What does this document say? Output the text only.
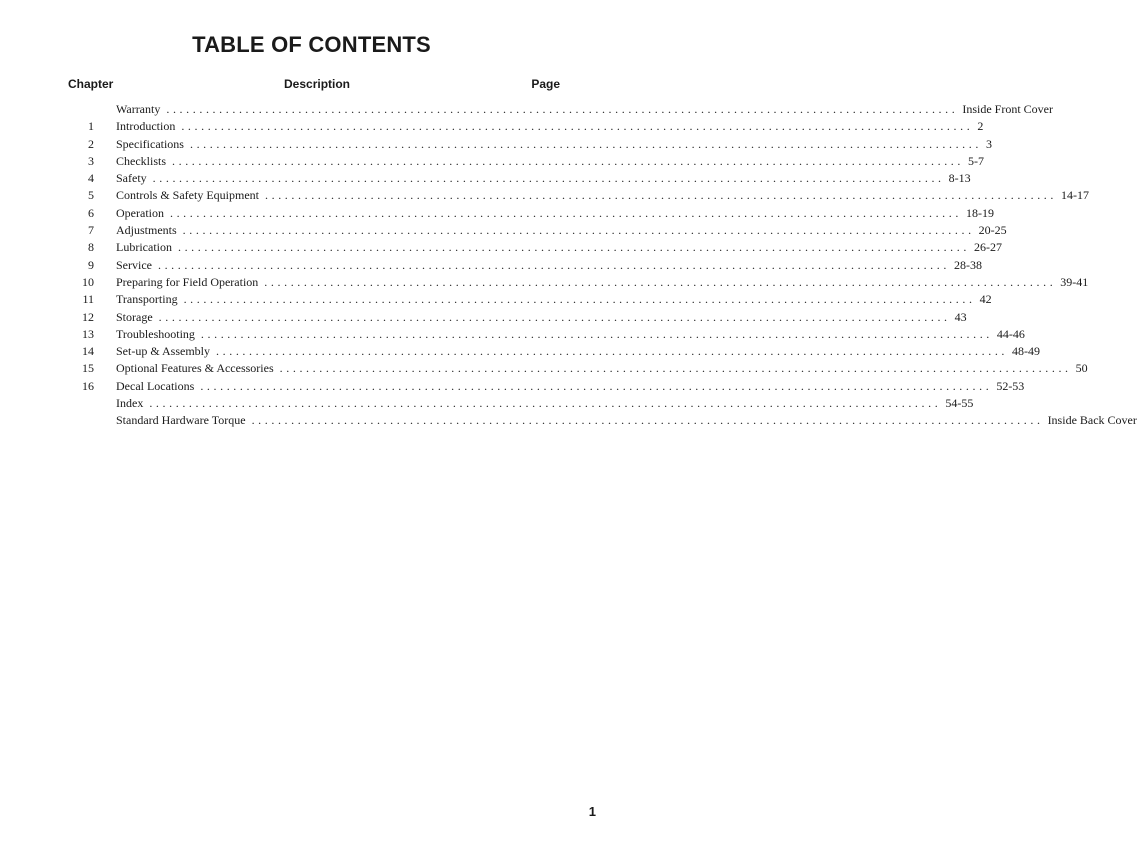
TABLE OF CONTENTS
Chapter	Description	Page
Warranty ........................................................................................................................ Inside Front Cover
1 Introduction ........................................................................................................................ 2
2 Specifications ........................................................................................................................ 3
3 Checklists ........................................................................................................................ 5-7
4 Safety ........................................................................................................................ 8-13
5 Controls & Safety Equipment ........................................................................................................................ 14-17
6 Operation ........................................................................................................................ 18-19
7 Adjustments ........................................................................................................................ 20-25
8 Lubrication ........................................................................................................................ 26-27
9 Service ........................................................................................................................ 28-38
10 Preparing for Field Operation ........................................................................................................................ 39-41
11 Transporting ........................................................................................................................ 42
12 Storage ........................................................................................................................ 43
13 Troubleshooting ........................................................................................................................ 44-46
14 Set-up & Assembly ........................................................................................................................ 48-49
15 Optional Features & Accessories ........................................................................................................................ 50
16 Decal Locations ........................................................................................................................ 52-53
Index ........................................................................................................................ 54-55
Standard Hardware Torque ........................................................................................................................ Inside Back Cover
1
